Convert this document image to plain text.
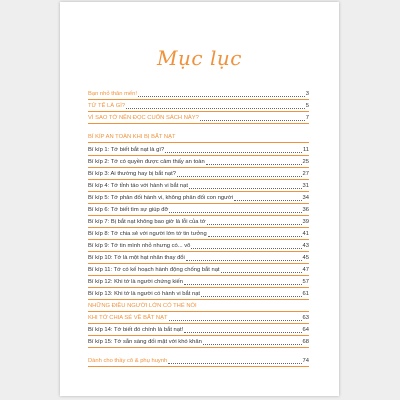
Mục lục
Bạn nhỏ thân mến!	3
TỬ TẾ LÀ GÌ?	5
VÌ SAO TỚ NÊN ĐỌC CUỐN SÁCH NÀY?	7
BÍ KÍP AN TOÀN KHI BỊ BẮT NẠT
Bí kíp 1: Tớ biết bắt nạt là gì?	11
Bí kíp 2: Tớ có quyền được cảm thấy an toàn	25
Bí kíp 3: Ai thường hay bị bắt nạt?	27
Bí kíp 4: Tớ tỉnh táo với hành vi bắt nạt	31
Bí kíp 5: Tớ phản đối hành vi, không phản đối con người	34
Bí kíp 6: Tớ biết tìm sự giúp đỡ	36
Bí kíp 7: Bị bắt nạt không bao giờ là lỗi của tớ	39
Bí kíp 8: Tớ chia sẻ với người lớn tớ tin tưởng	41
Bí kíp 9: Tớ tin mình nhỏ nhưng có... võ	43
Bí kíp 10: Tớ là một hạt nhân thay đổi	45
Bí kíp 11: Tớ có kế hoạch hành động chống bắt nạt	47
Bí kíp 12: Khi tớ là người chứng kiến	57
Bí kíp 13: Khi tớ là người có hành vi bắt nạt	61
NHỮNG ĐIỀU NGƯỜI LỚN CÓ THỂ NÓI
KHI TỚ CHIA SẺ VỀ BẮT NẠT	63
Bí kíp 14: Tớ biết đó chính là bắt nạt!	64
Bí kíp 15: Tớ sẵn sàng đối mặt với khó khăn	68
Dành cho thầy cô & phụ huynh	74
